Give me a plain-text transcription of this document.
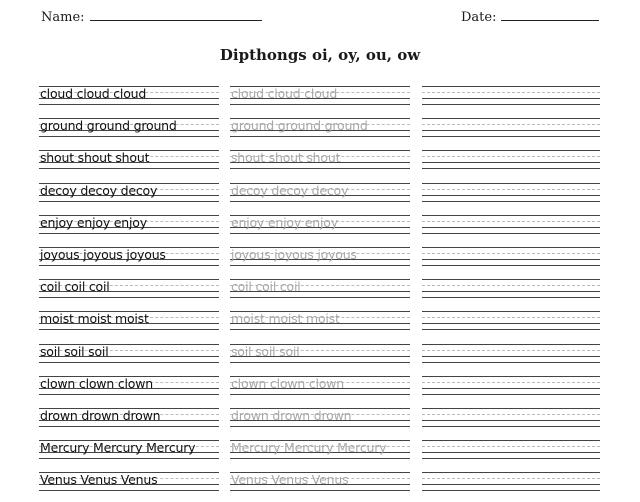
Name:	Date:
Dipthongs oi, oy, ou, ow
cloud cloud cloud	cloud cloud cloud
ground ground ground	ground ground ground
shout shout shout	shout shout shout
decoy decoy decoy	decoy decoy decoy
enjoy enjoy enjoy	enjoy enjoy enjoy
joyous joyous joyous	joyous joyous joyous
coil coil coil	coil coil coil
moist moist moist	moist moist moist
soil soil soil	soil soil soil
clown clown clown	clown clown clown
drown drown drown	drown drown drown
Mercury Mercury Mercury	Mercury Mercury Mercury
Venus Venus Venus	Venus Venus Venus
